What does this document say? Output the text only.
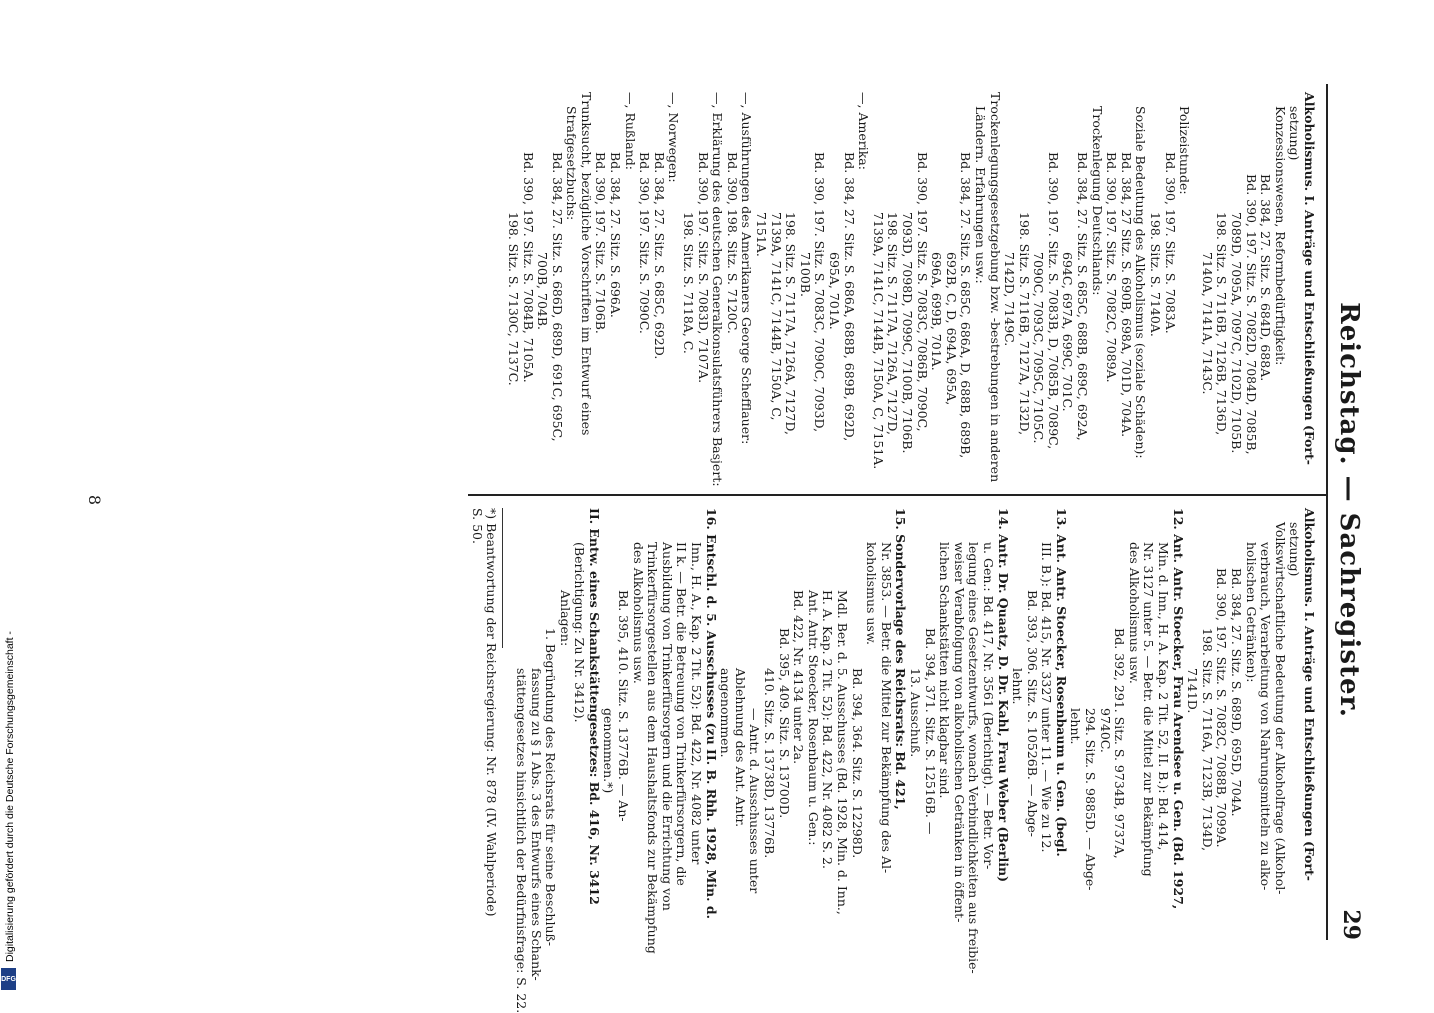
Reichstag. — Sachregister.
29
Alkoholismus. I. Anträge und Entschließungen (Fort-
setzung)
Konzessionswesen, Reformbedürftigkeit:
Bd. 384, 27. Sitz. S. 684D, 688A.
Bd. 390, 197. Sitz. S. 7082D, 7084D, 7085B,
7089D, 7095A, 7097C, 7102D, 7105B.
198. Sitz. S. 7116B, 7126B, 7136D,
7140A, 7141A, 7143C.
Polizeistunde:
Bd. 390, 197. Sitz. S. 7083A.
198. Sitz. S. 7140A.
Soziale Bedeutung des Alkoholismus (soziale Schäden):
Bd. 384, 27 Sitz. S. 690B, 698A, 701D, 704A.
Bd. 390, 197. Sitz. S. 7082C, 7089A.
Trockenlegung Deutschlands:
Bd. 384, 27. Sitz. S. 685C, 688B, 689C, 692A,
694C, 697A, 699C, 701C.
Bd. 390, 197. Sitz. S. 7083B, D, 7085B, 7089C,
7090C, 7093C, 7095C, 7105C.
198. Sitz. S. 7116B, 7127A, 7132D,
7142D, 7149C.
Trockenlegungsgesetzgebung bzw. -bestrebungen in anderen
Ländern. Erfahrungen usw.:
Bd. 384, 27. Sitz. S. 685C, 686A, D, 688B, 689B,
692B, C, D, 694A, 695A,
696A, 699B, 701A.
Bd. 390, 197. Sitz. S. 7083C, 7086B, 7090C,
7093D, 7098D, 7099C, 7100B, 7106B.
198. Sitz. S. 7117A, 7126A, 7127D,
7139A, 7141C, 7144B, 7150A, C, 7151A.
—, Amerika:
Bd. 384, 27. Sitz. S. 686A, 688B, 689B, 692D,
695A, 701A.
Bd. 390, 197. Sitz. S. 7083C, 7090C, 7093D,
7100B.
198. Sitz. S. 7117A, 7126A, 7127D,
7139A, 7141C, 7144B, 7150A, C,
7151A.
—, Ausführungen des Amerikaners George Schefflauer:
Bd. 390, 198. Sitz. S. 7120C.
—, Erklärung des deutschen Generalkonsulatsführers Basjert:
Bd. 390, 197. Sitz. S. 7083D, 7107A.
198. Sitz. S. 7118A, C.
—, Norwegen:
Bd. 384, 27. Sitz. S. 685C, 692D.
Bd. 390, 197. Sitz. S. 7090C.
—, Rußland:
Bd. 384, 27. Sitz. S. 696A.
Bd. 390, 197. Sitz. S. 7106B.
Trunksucht, bezügliche Vorschriften im Entwurf eines
Strafgesetzbuchs:
Bd. 384, 27. Sitz. S. 686D, 689D, 691C, 695C,
700B, 704B.
Bd. 390, 197. Sitz. S. 7084B, 7105A.
198. Sitz. S. 7130C, 7137C.
Alkoholismus. I. Anträge und Entschließungen (Fort-
setzung)
Volkswirtschaftliche Bedeutung der Alkoholfrage (Alkohol-
verbrauch, Verarbeitung von Nahrungsmitteln zu alko-
holischen Getränken):
Bd. 384, 27. Sitz. S. 689D, 695D, 704A.
Bd. 390, 197. Sitz. S. 7082C, 7088B, 7099A.
198. Sitz. S. 7116A, 7123B, 7134D,
7141D.
12. Ant. Antr. Stoecker, Frau Arendsee u. Gen. (Bd. 1927,
Min. d. Inn., H. A. Kap. 2 Tit. 52, II. B.): Bd. 414,
Nr. 3127 unter 5. — Betr. die Mittel zur Bekämpfung
des Alkoholismus usw.
Bd. 392, 291. Sitz. S. 9734B, 9737A,
9740C.
294. Sitz. S. 9885D. — Abge-
lehnt.
13. Ant. Antr. Stoecker, Rosenbaum u. Gen. (begl.
III. B.): Bd. 415, Nr. 3327 unter 11. — Wie zu 12.
Bd. 393, 306. Sitz. S. 10526B. — Abge-
lehnt.
14. Antr. Dr. Quaatz, D. Dr. Kahl, Frau Weber (Berlin)
u. Gen.: Bd. 417, Nr. 3561 (Berichtigt). — Betr. Vor-
legung eines Gesetzentwurfs, wonach Verbindlichkeiten aus freibie-
weiser Verabfolgung von alkoholischen Getränken in öffent-
lichen Schankstätten nicht klagbar sind.
Bd. 394, 371. Sitz. S. 12516B. —
13. Ausschuß.
15. Sondervorlage des Reichsrats: Bd. 421,
Nr. 3853. — Betr. die Mittel zur Bekämpfung des Al-
koholismus usw.
Bd. 394, 364. Sitz. S. 12298D.
Mdl. Ber. d. 5. Ausschusses (Bd. 1928, Min. d. Inn.,
H. A. Kap. 2 Tit. 52): Bd. 422, Nr. 4082 S. 2.
Ant. Antr. Stoecker, Rosenbaum u. Gen.:
Bd. 422, Nr. 4134 unter 2a.
Bd. 395, 409. Sitz. S. 13700D.
410. Sitz. S. 13738D, 13776B.
— Antr. d. Ausschusses unter
Ablehnung des Ant. Antr.
angenommen.
16. Entschl. d. 5. Ausschusses (zu II. B. Rhh. 1928, Min. d.
Inn., H. A., Kap. 2 Tit. 52): Bd. 422, Nr. 4082 unter
II k. — Betr. die Betreuung von Trinkerfürsorgern, die
Ausbildung von Trinkerfürsorgern und die Errichtung von
Trinkerfürsorgestellen aus dem Haushaltsfonds zur Bekämpfung
des Alkoholismus usw.
Bd. 395, 410. Sitz. S. 13776B. — An-
genommen.*)
II. Entw. eines Schankstättengesetzes: Bd. 416, Nr. 3412
(Berichtigung: Zu Nr. 3412).
Anlagen:
1. Begründung des Reichsrats für seine Beschluß-
fassung zu § 1 Abs. 3 des Entwurfs eines Schank-
stättengesetzes hinsichtlich der Bedürfnisfrage: S. 22.
*) Beantwortung der Reichsregierung: Nr. 878 (IV. Wahlperiode)
S. 50.
8
Digitalisierung gefördert durch die Deutsche Forschungsgemeinschaft -
DFG
